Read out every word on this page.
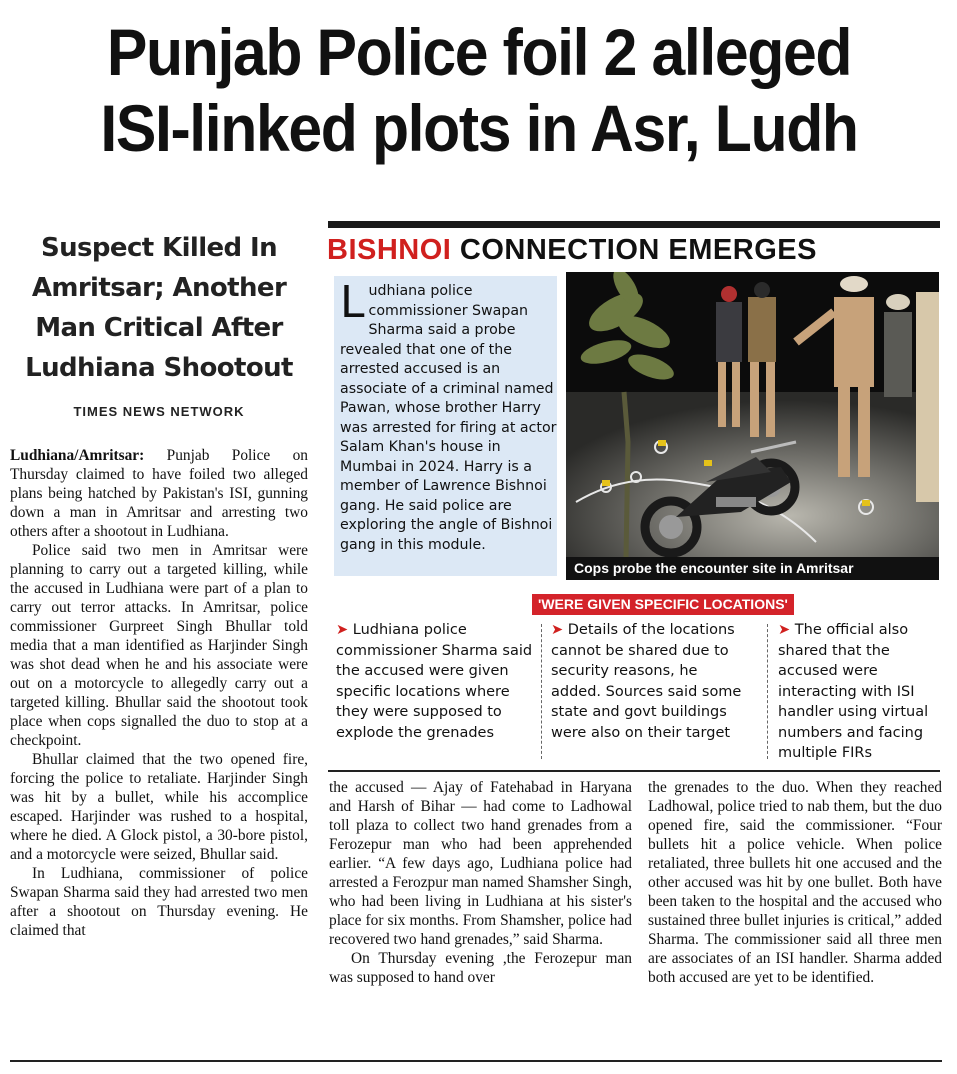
Punjab Police foil 2 alleged
ISI-linked plots in Asr, Ludh
BISHNOI CONNECTION EMERGES
Suspect Killed In Amritsar; Another Man Critical After Ludhiana Shootout
TIMES NEWS NETWORK

Ludhiana/Amritsar: Punjab Police on Thursday claimed to have foiled two alleged plans being hatched by Pakistan's ISI, gunning down a man in Amritsar and arresting two others after a shootout in Ludhiana.

Police said two men in Amritsar were planning to carry out a targeted killing, while the accused in Ludhiana were part of a plan to carry out terror attacks. In Amritsar, police commissioner Gurpreet Singh Bhullar told media that a man identified as Harjinder Singh was shot dead when he and his associate were out on a motorcycle to allegedly carry out a targeted killing. Bhullar said the shootout took place when cops signalled the duo to stop at a checkpoint.

Bhullar claimed that the two opened fire, forcing the police to retaliate. Harjinder Singh was hit by a bullet, while his accomplice escaped. Harjinder was rushed to a hospital, where he died. A Glock pistol, a 30-bore pistol, and a motorcycle were seized, Bhullar said.

In Ludhiana, commissioner of police Swapan Sharma said they had arrested two men after a shootout on Thursday evening. He claimed that

L udhiana police commissioner Swapan Sharma said a probe revealed that one of the arrested accused is an associate of a criminal named Pawan, whose brother Harry was arrested for firing at actor Salam Khan's house in Mumbai in 2024. Harry is a member of Lawrence Bishnoi gang. He said police are exploring the angle of Bishnoi gang in this module.

Cops probe the encounter site in Amritsar
'WERE GIVEN SPECIFIC LOCATIONS'
➤ Ludhiana police commissioner Sharma said the accused were given specific locations where they were supposed to explode the grenades
➤ Details of the locations cannot be shared due to security reasons, he added. Sources said some state and govt buildings were also on their target
➤ The official also shared that the accused were interacting with ISI handler using virtual numbers and facing multiple FIRs

the accused — Ajay of Fatehabad in Haryana and Harsh of Bihar — had come to Ladhowal toll plaza to collect two hand grenades from a Ferozepur man who had been apprehended earlier. “A few days ago, Ludhiana police had arrested a Ferozpur man named Shamsher Singh, who had been living in Ludhiana at his sister's place for six months. From Shamsher, police had recovered two hand grenades,” said Sharma.

On Thursday evening ,the Ferozepur man was supposed to hand over

the grenades to the duo. When they reached Ladhowal, police tried to nab them, but the duo opened fire, said the commissioner. “Four bullets hit a police vehicle. When police retaliated, three bullets hit one accused and the other accused was hit by one bullet. Both have been taken to the hospital and the accused who sustained three bullet injuries is critical,” added Sharma. The commissioner said all three men are associates of an ISI handler. Sharma added both accused are yet to be identified.
